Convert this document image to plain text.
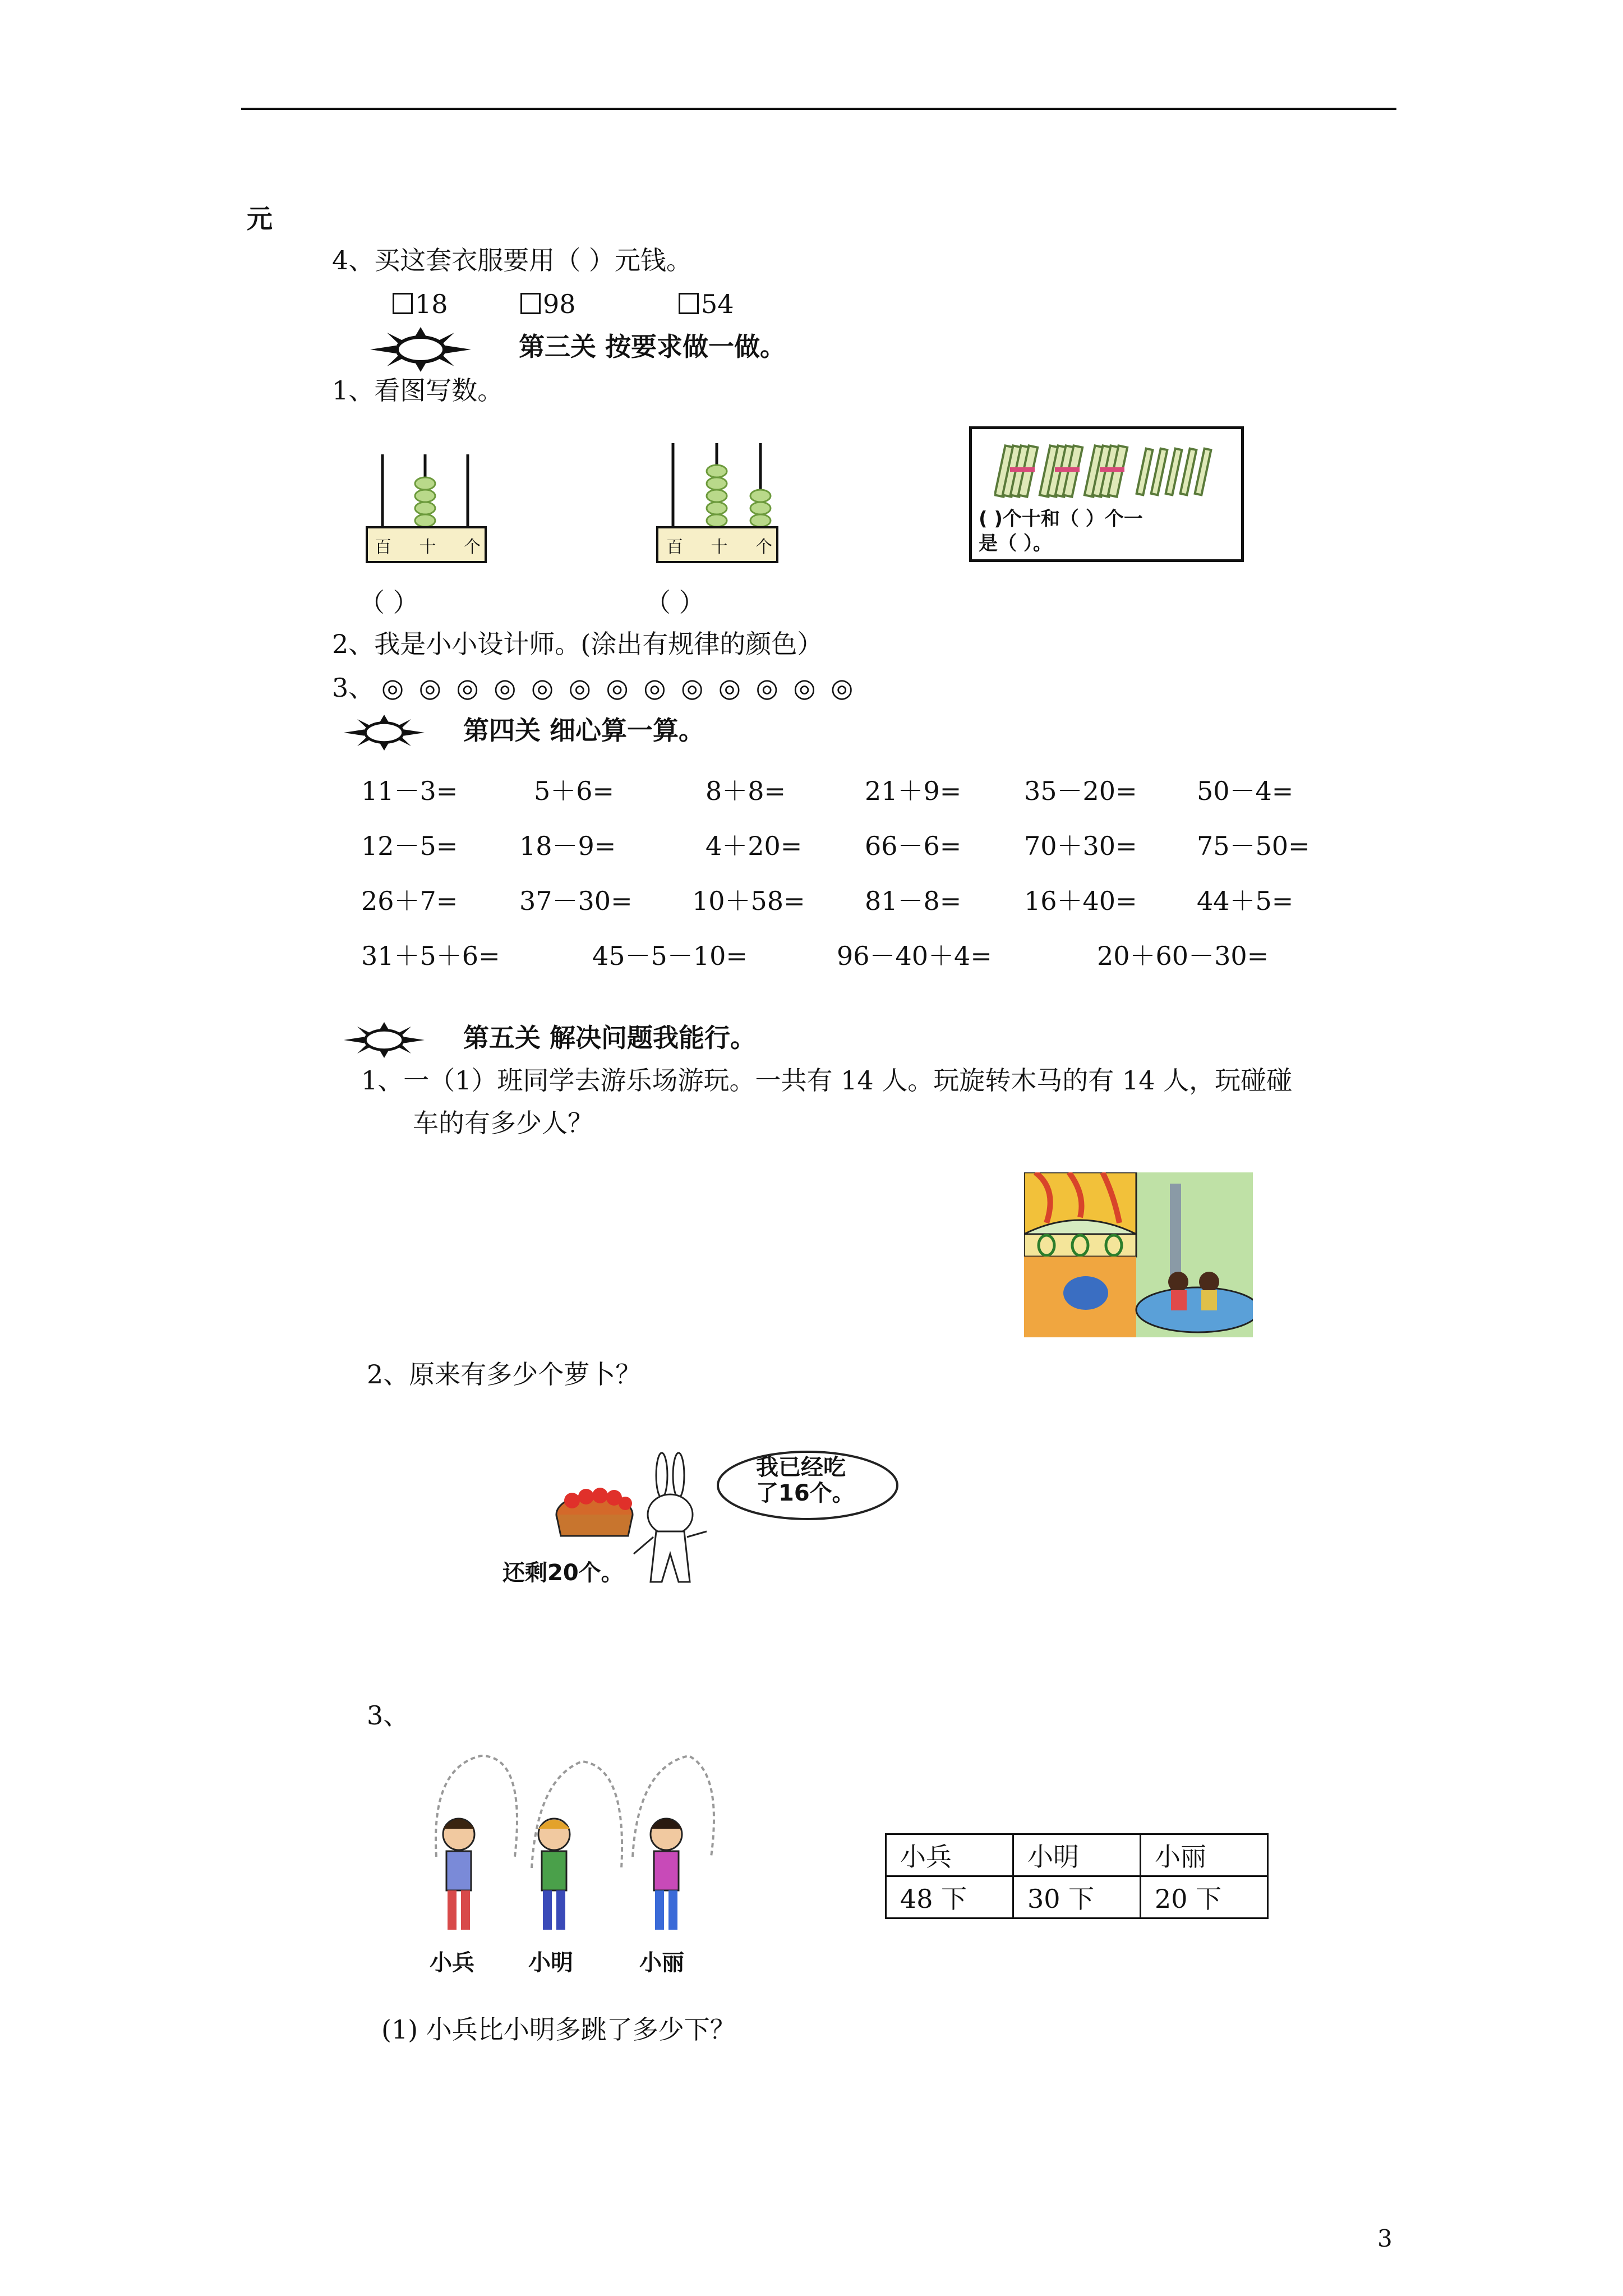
元
4、买这套衣服要用（ ）元钱。
18	98	54
第三关 按要求做一做。
1、看图写数。
百 十 个	百 十 个
（ ）	（ ）
( )个十和（ ）个一
是（ ）。
2、我是小小设计师。(涂出有规律的颜色）
3、 ◎ ◎ ◎ ◎ ◎ ◎ ◎ ◎ ◎ ◎ ◎ ◎ ◎
第四关 细心算一算。
11－3=	5＋6=	8＋8=	21＋9= 35－20= 50－4=
12－5= 18－9=	4＋20= 66－6= 70＋30= 75－50=
26＋7= 37－30= 10＋58= 81－8= 16＋40= 44＋5=
31＋5＋6=	45－5－10=	96－40＋4=	20＋60－30=
第五关 解决问题我能行。
1、一（1）班同学去游乐场游玩。一共有 14 人。玩旋转木马的有 14 人，玩碰碰
车的有多少人？
2、原来有多少个萝卜？
我已经吃
了16个。
还剩20个。
3、
小兵 小明	小丽
小兵	小明	小丽
48 下	30 下	20 下
(1) 小兵比小明多跳了多少下？
3
